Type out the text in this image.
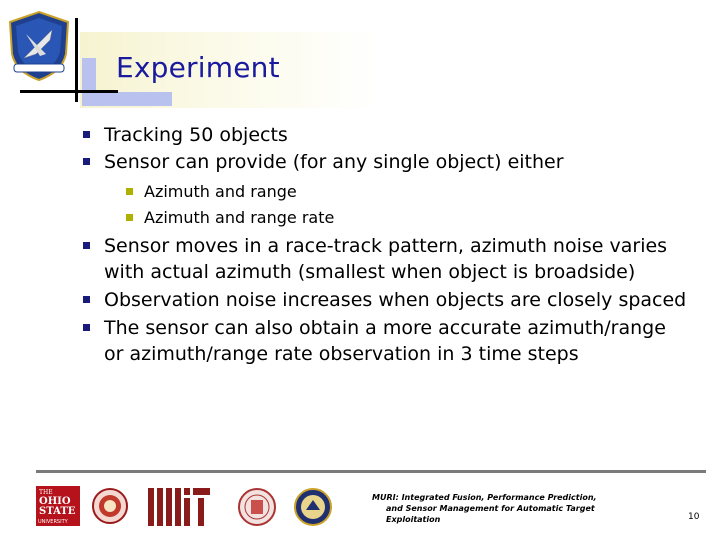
Experiment
Tracking 50 objects
Sensor can provide (for any single object) either
Azimuth and range
Azimuth and range rate
Sensor moves in a race-track pattern, azimuth noise varies with actual azimuth (smallest when object is broadside)
Observation noise increases when objects are closely spaced
The sensor can also obtain a more accurate azimuth/range or azimuth/range rate observation in 3 time steps
THE
OHIO
STATE
UNIVERSITY
MURI: Integrated Fusion, Performance Prediction,
and Sensor Management for Automatic Target
Exploitation	10
